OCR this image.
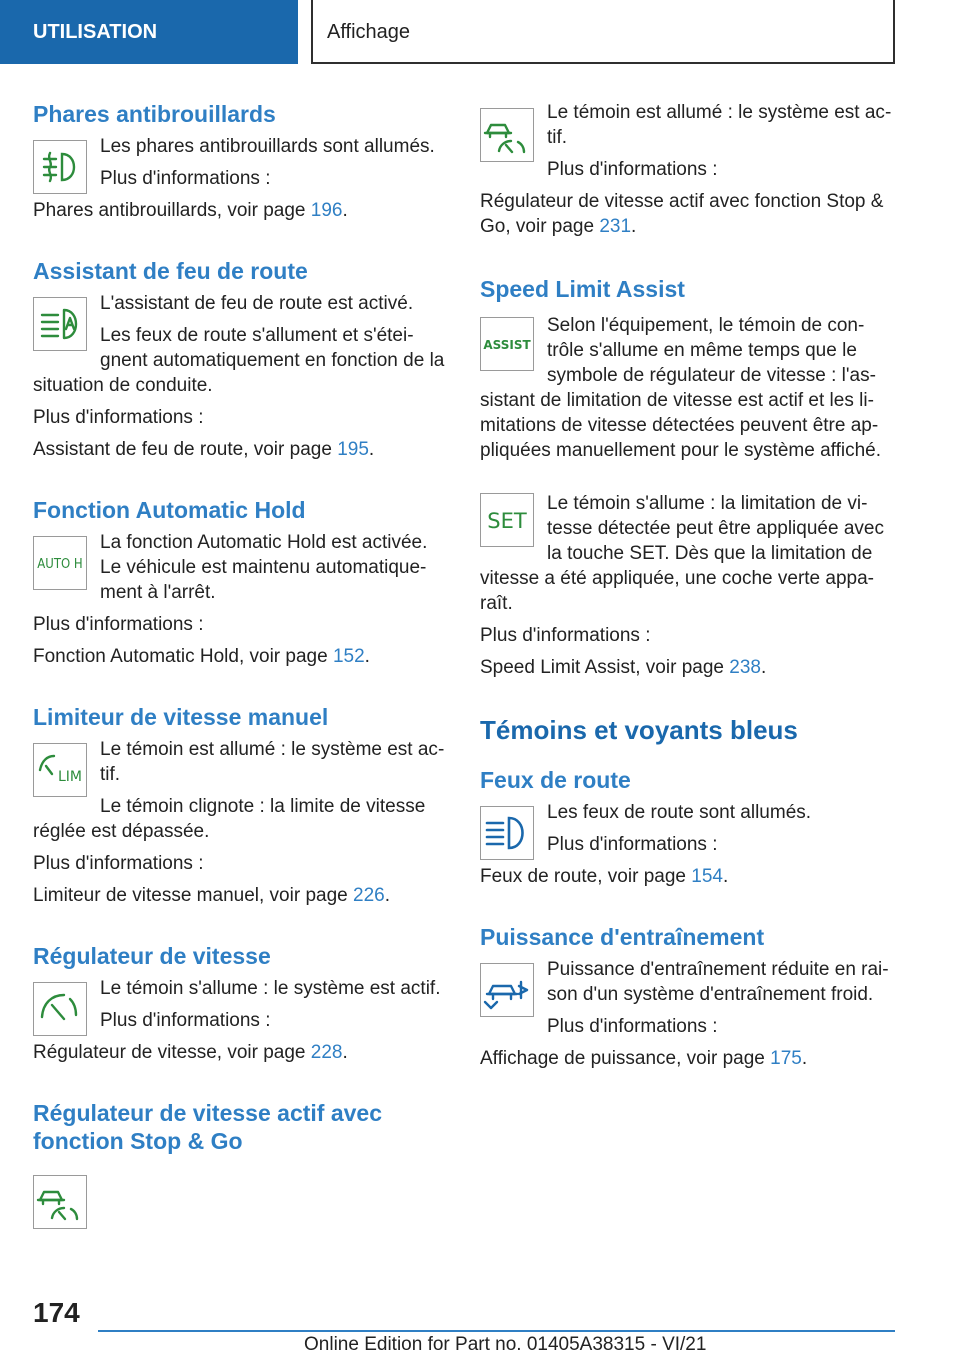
UTILISATION	Affichage
Phares antibrouillards

Les phares antibrouillards sont allumés.

Plus d'informations :

Phares antibrouillards, voir page 196.

Assistant de feu de route

L'assistant de feu de route est activé.

Les feux de route s'allument et s'éteignent automatiquement en fonction de la situation de conduite.

Plus d'informations :

Assistant de feu de route, voir page 195.

Fonction Automatic Hold
AUTO H

La fonction Automatic Hold est activée. Le véhicule est maintenu automatiquement à l'arrêt.

Plus d'informations :

Fonction Automatic Hold, voir page 152.

Limiteur de vitesse manuel
LIM

Le témoin est allumé : le système est actif.

Le témoin clignote : la limite de vitesse réglée est dépassée.

Plus d'informations :

Limiteur de vitesse manuel, voir page 226.

Régulateur de vitesse

Le témoin s'allume : le système est actif.

Plus d'informations :

Régulateur de vitesse, voir page 228.

Régulateur de vitesse actif avec fonction Stop & Go

Le témoin est allumé : le système est actif.

Plus d'informations :

Régulateur de vitesse actif avec fonction Stop & Go, voir page 231.

Speed Limit Assist
ASSIST

Selon l'équipement, le témoin de contrôle s'allume en même temps que le symbole de régulateur de vitesse : l'assistant de limitation de vitesse est actif et les limitations de vitesse détectées peuvent être appliquées manuellement pour le système affiché.

SET

Le témoin s'allume : la limitation de vitesse détectée peut être appliquée avec la touche SET. Dès que la limitation de vitesse a été appliquée, une coche verte apparaît.

Plus d'informations :

Speed Limit Assist, voir page 238.

Témoins et voyants bleus
Feux de route

Les feux de route sont allumés.

Plus d'informations :

Feux de route, voir page 154.

Puissance d'entraînement

Puissance d'entraînement réduite en raison d'un système d'entraînement froid.

Plus d'informations :

Affichage de puissance, voir page 175.

174
Online Edition for Part no. 01405A38315 - VI/21
